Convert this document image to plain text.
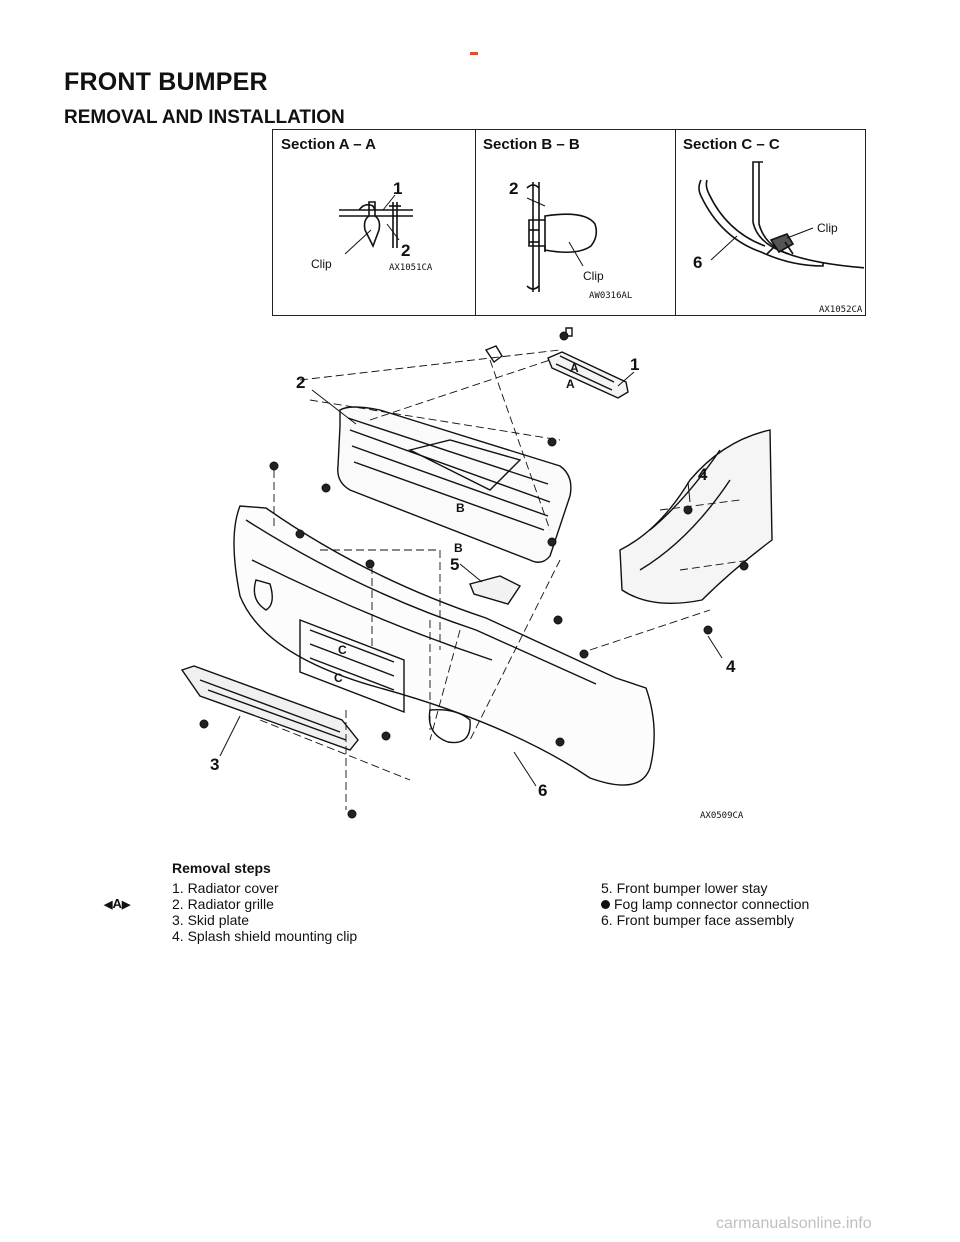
FRONT BUMPER
REMOVAL AND INSTALLATION
Section A – A
1
2
Clip	AX1051CA
Section B – B
2
Clip
AW0316AL
Section C – C
6
Clip
AX1052CA
1
2
3
4
4
5
6
A
A
B
B
C
C
AX0509CA
Removal steps
◀A▶
1. Radiator cover
2. Radiator grille
3. Skid plate
4. Splash shield mounting clip
5. Front bumper lower stay
Fog lamp connector connection
6. Front bumper face assembly
carmanualsonline.info
